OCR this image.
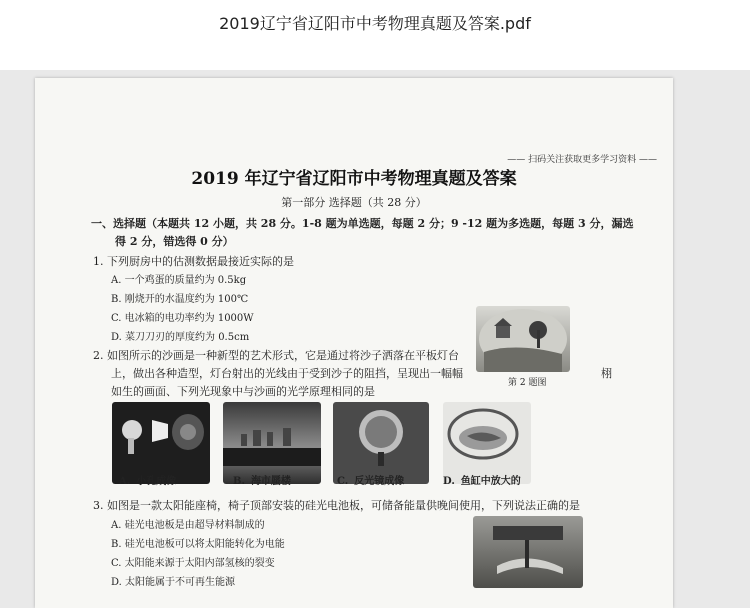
2019辽宁省辽阳市中考物理真题及答案.pdf
—— 扫码关注获取更多学习资料 ——
2019 年辽宁省辽阳市中考物理真题及答案
第一部分 选择题（共 28 分）
一、选择题（本题共 12 小题，共 28 分。1-8 题为单选题，每题 2 分；9 -12 题为多选题，每题 3 分，漏选
得 2 分，错选得 0 分）
1. 下列厨房中的估测数据最接近实际的是
A. 一个鸡蛋的质量约为 0.5kg
B. 刚烧开的水温度约为 100℃
C. 电冰箱的电功率约为 1000W
D. 菜刀刀刃的厚度约为 0.5cm
第 2 题图
2. 如图所示的沙画是一种新型的艺术形式，它是通过将沙子洒落在平板灯台
上，做出各种造型，灯台射出的光线由于受到沙子的阻挡，呈现出一幅幅	栩
如生的画面、下列光现象中与沙画的光学原理相同的是
A. 小孔成像	B. 海市蜃楼	C. 反光镜成像	D. 鱼缸中放大的
3. 如图是一款太阳能座椅，椅子顶部安装的硅光电池板，可储备能量供晚间使用，下列说法正确的是
A. 硅光电池板是由超导材料制成的
B. 硅光电池板可以将太阳能转化为电能
C. 太阳能来源于太阳内部氢核的裂变
D. 太阳能属于不可再生能源
